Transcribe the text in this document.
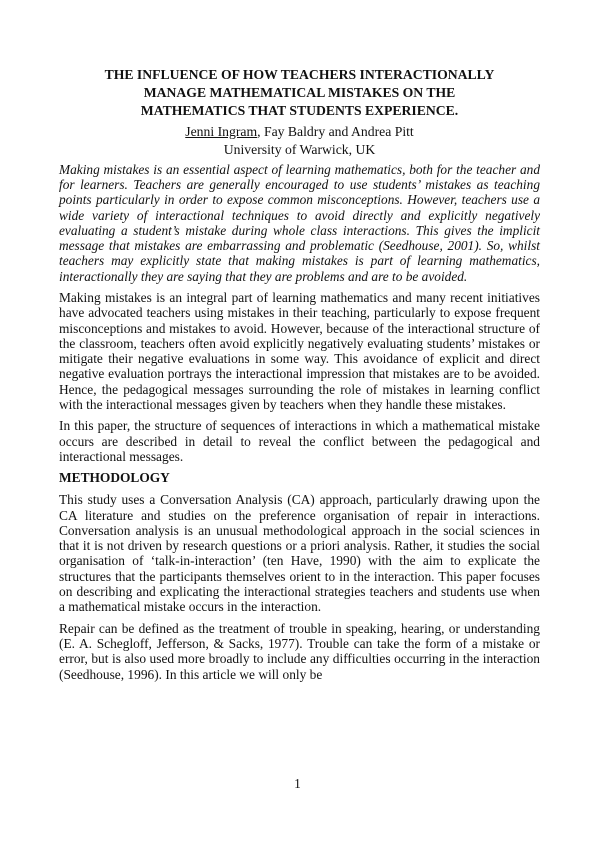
THE INFLUENCE OF HOW TEACHERS INTERACTIONALLY
MANAGE MATHEMATICAL MISTAKES ON THE
MATHEMATICS THAT STUDENTS EXPERIENCE.

Jenni Ingram, Fay Baldry and Andrea Pitt

University of Warwick, UK

Making mistakes is an essential aspect of learning mathematics, both for the teacher and for learners. Teachers are generally encouraged to use students’ mistakes as teaching points particularly in order to expose common misconceptions. However, teachers use a wide variety of interactional techniques to avoid directly and explicitly negatively evaluating a student’s mistake during whole class interactions. This gives the implicit message that mistakes are embarrassing and problematic (Seedhouse, 2001). So, whilst teachers may explicitly state that making mistakes is part of learning mathematics, interactionally they are saying that they are problems and are to be avoided.

Making mistakes is an integral part of learning mathematics and many recent initiatives have advocated teachers using mistakes in their teaching, particularly to expose frequent misconceptions and mistakes to avoid. However, because of the interactional structure of the classroom, teachers often avoid explicitly negatively evaluating students’ mistakes or mitigate their negative evaluations in some way. This avoidance of explicit and direct negative evaluation portrays the interactional impression that mistakes are to be avoided. Hence, the pedagogical messages surrounding the role of mistakes in learning conflict with the interactional messages given by teachers when they handle these mistakes.

In this paper, the structure of sequences of interactions in which a mathematical mistake occurs are described in detail to reveal the conflict between the pedagogical and interactional messages.

METHODOLOGY

This study uses a Conversation Analysis (CA) approach, particularly drawing upon the CA literature and studies on the preference organisation of repair in interactions. Conversation analysis is an unusual methodological approach in the social sciences in that it is not driven by research questions or a priori analysis. Rather, it studies the social organisation of ‘talk-in-interaction’ (ten Have, 1990) with the aim to explicate the structures that the participants themselves orient to in the interaction. This paper focuses on describing and explicating the interactional strategies teachers and students use when a mathematical mistake occurs in the interaction.

Repair can be defined as the treatment of trouble in speaking, hearing, or understanding (E. A. Schegloff, Jefferson, & Sacks, 1977). Trouble can take the form of a mistake or error, but is also used more broadly to include any difficulties occurring in the interaction (Seedhouse, 1996). In this article we will only be

1
